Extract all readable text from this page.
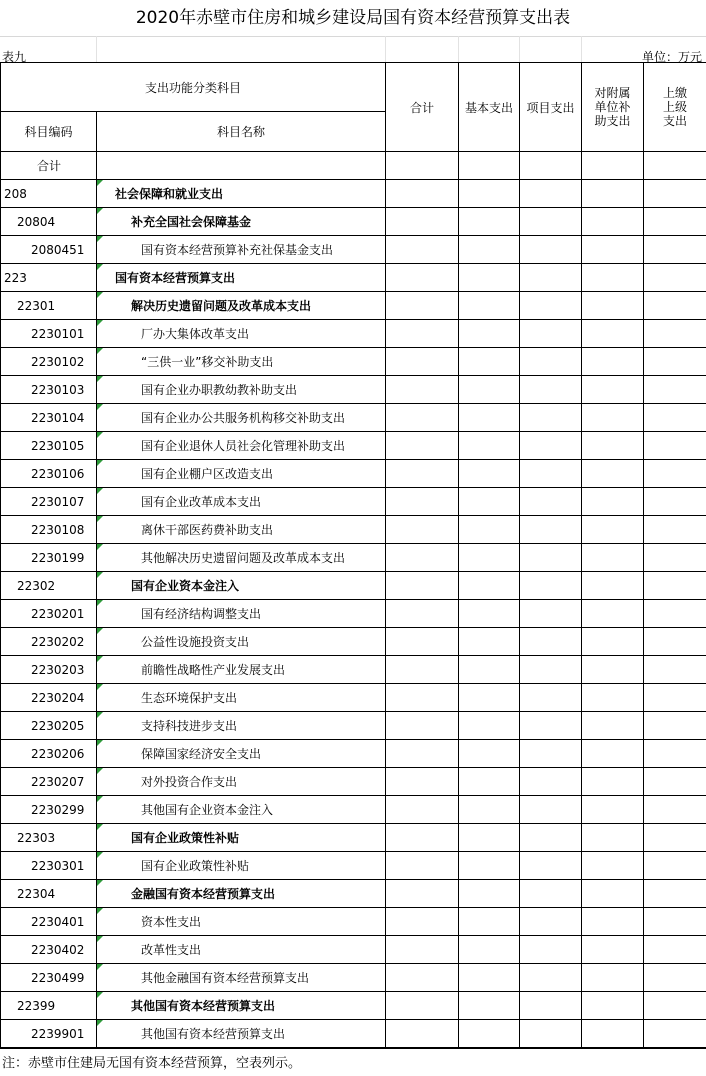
2020年赤壁市住房和城乡建设局国有资本经营预算支出表
表九	单位：万元
支出功能分类科目		合计	基本支出	项目支出	对附属单位补助支出	上缴上级支出

科目编码	科目名称					
合计						
208	社会保障和就业支出					
20804	补充全国社会保障基金					
2080451	国有资本经营预算补充社保基金支出					
223	国有资本经营预算支出					
22301	解决历史遗留问题及改革成本支出					
2230101	厂办大集体改革支出					
2230102	“三供一业”移交补助支出					
2230103	国有企业办职教幼教补助支出					
2230104	国有企业办公共服务机构移交补助支出					
2230105	国有企业退休人员社会化管理补助支出					
2230106	国有企业棚户区改造支出					
2230107	国有企业改革成本支出					
2230108	离休干部医药费补助支出					
2230199	其他解决历史遗留问题及改革成本支出					
22302	国有企业资本金注入					
2230201	国有经济结构调整支出					
2230202	公益性设施投资支出					
2230203	前瞻性战略性产业发展支出					
2230204	生态环境保护支出					
2230205	支持科技进步支出					
2230206	保障国家经济安全支出					
2230207	对外投资合作支出					
2230299	其他国有企业资本金注入					
22303	国有企业政策性补贴					
2230301	国有企业政策性补贴					
22304	金融国有资本经营预算支出					
2230401	资本性支出					
2230402	改革性支出					
2230499	其他金融国有资本经营预算支出					
22399	其他国有资本经营预算支出					
2239901	其他国有资本经营预算支出					
注：赤壁市住建局无国有资本经营预算，空表列示。
